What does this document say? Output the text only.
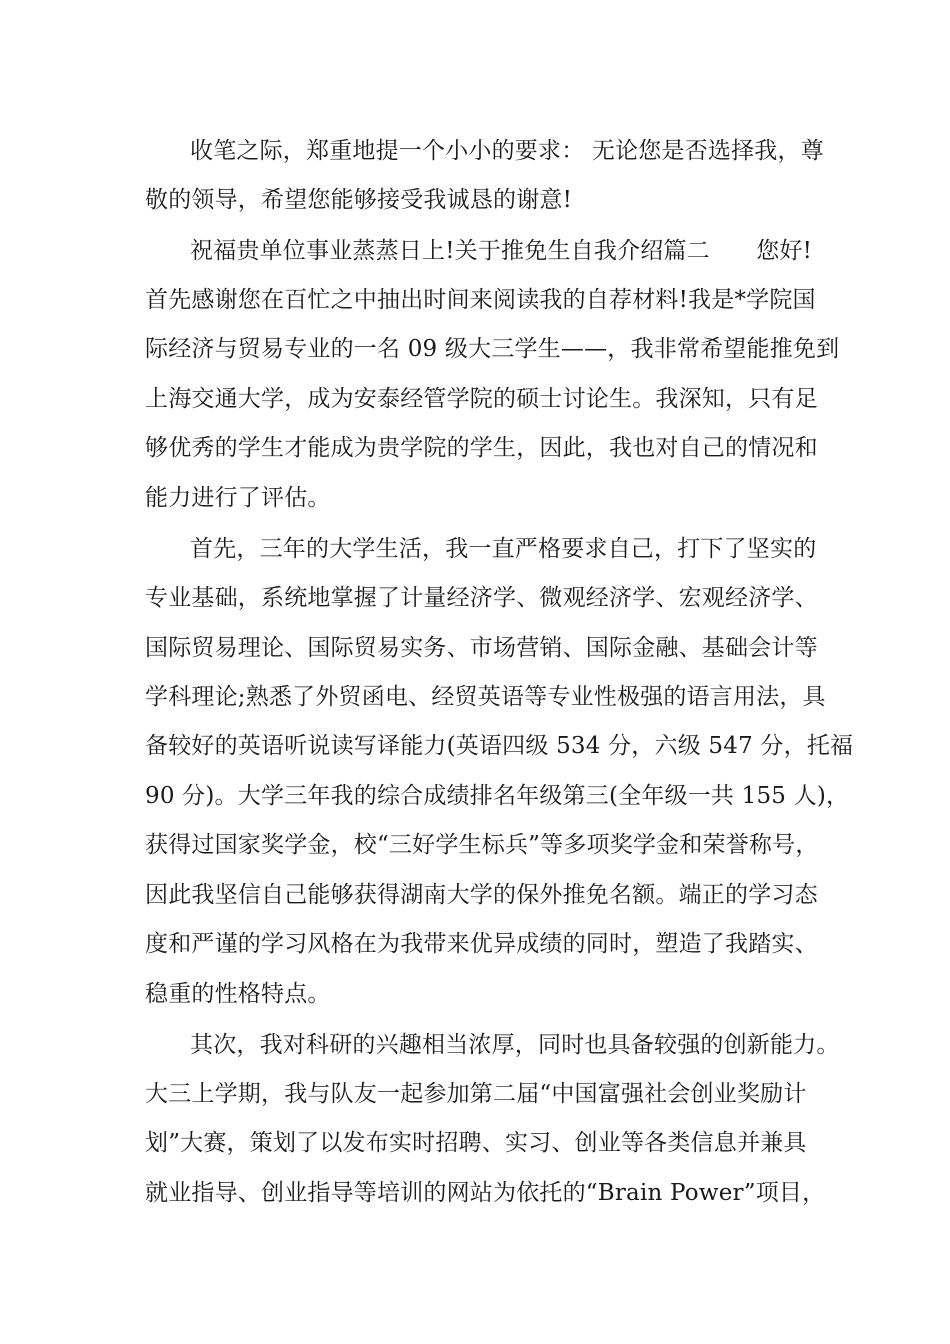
收笔之际，郑重地提一个小小的要求： 无论您是否选择我，尊
敬的领导，希望您能够接受我诚恳的谢意!
祝福贵单位事业蒸蒸日上!关于推免生自我介绍篇二　　您好!
首先感谢您在百忙之中抽出时间来阅读我的自荐材料!我是*学院国
际经济与贸易专业的一名 09 级大三学生——，我非常希望能推免到
上海交通大学，成为安泰经管学院的硕士讨论生。我深知，只有足
够优秀的学生才能成为贵学院的学生，因此，我也对自己的情况和
能力进行了评估。
首先，三年的大学生活，我一直严格要求自己，打下了坚实的
专业基础，系统地掌握了计量经济学、微观经济学、宏观经济学、
国际贸易理论、国际贸易实务、市场营销、国际金融、基础会计等
学科理论;熟悉了外贸函电、经贸英语等专业性极强的语言用法，具
备较好的英语听说读写译能力(英语四级 534 分，六级 547 分，托福
90 分)。大学三年我的综合成绩排名年级第三(全年级一共 155 人)，
获得过国家奖学金，校“三好学生标兵”等多项奖学金和荣誉称号，
因此我坚信自己能够获得湖南大学的保外推免名额。端正的学习态
度和严谨的学习风格在为我带来优异成绩的同时，塑造了我踏实、
稳重的性格特点。
其次，我对科研的兴趣相当浓厚，同时也具备较强的创新能力。
大三上学期，我与队友一起参加第二届“中国富强社会创业奖励计
划”大赛，策划了以发布实时招聘、实习、创业等各类信息并兼具
就业指导、创业指导等培训的网站为依托的“Brain Power”项目，
